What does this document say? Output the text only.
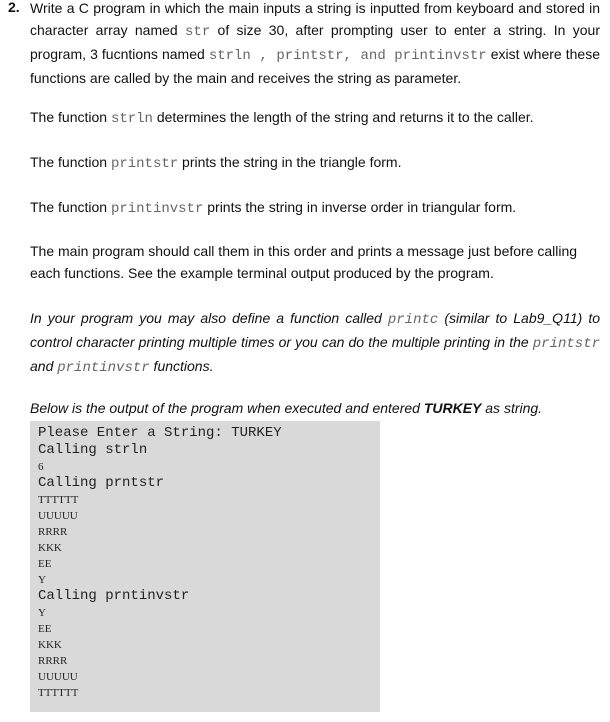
2. Write a C program in which the main inputs a string is inputted from keyboard and stored in character array named str of size 30, after prompting user to enter a string. In your program, 3 fucntions named strln , printstr, and printinvstr exist where these functions are called by the main and receives the string as parameter.

The function strln determines the length of the string and returns it to the caller.

The function printstr prints the string in the triangle form.

The function printinvstr prints the string in inverse order in triangular form.

The main program should call them in this order and prints a message just before calling each functions. See the example terminal output produced by the program.

In your program you may also define a function called printc (similar to Lab9_Q11) to control character printing multiple times or you can do the multiple printing in the printstr and printinvstr functions.

Below is the output of the program when executed and entered TURKEY as string.

Please Enter a String: TURKEY
Calling strln
6
Calling prntstr
TTTTTT
UUUUU
RRRR
KKK
EE
Y
Calling prntinvstr
Y
EE
KKK
RRRR
UUUUU
TTTTTT
